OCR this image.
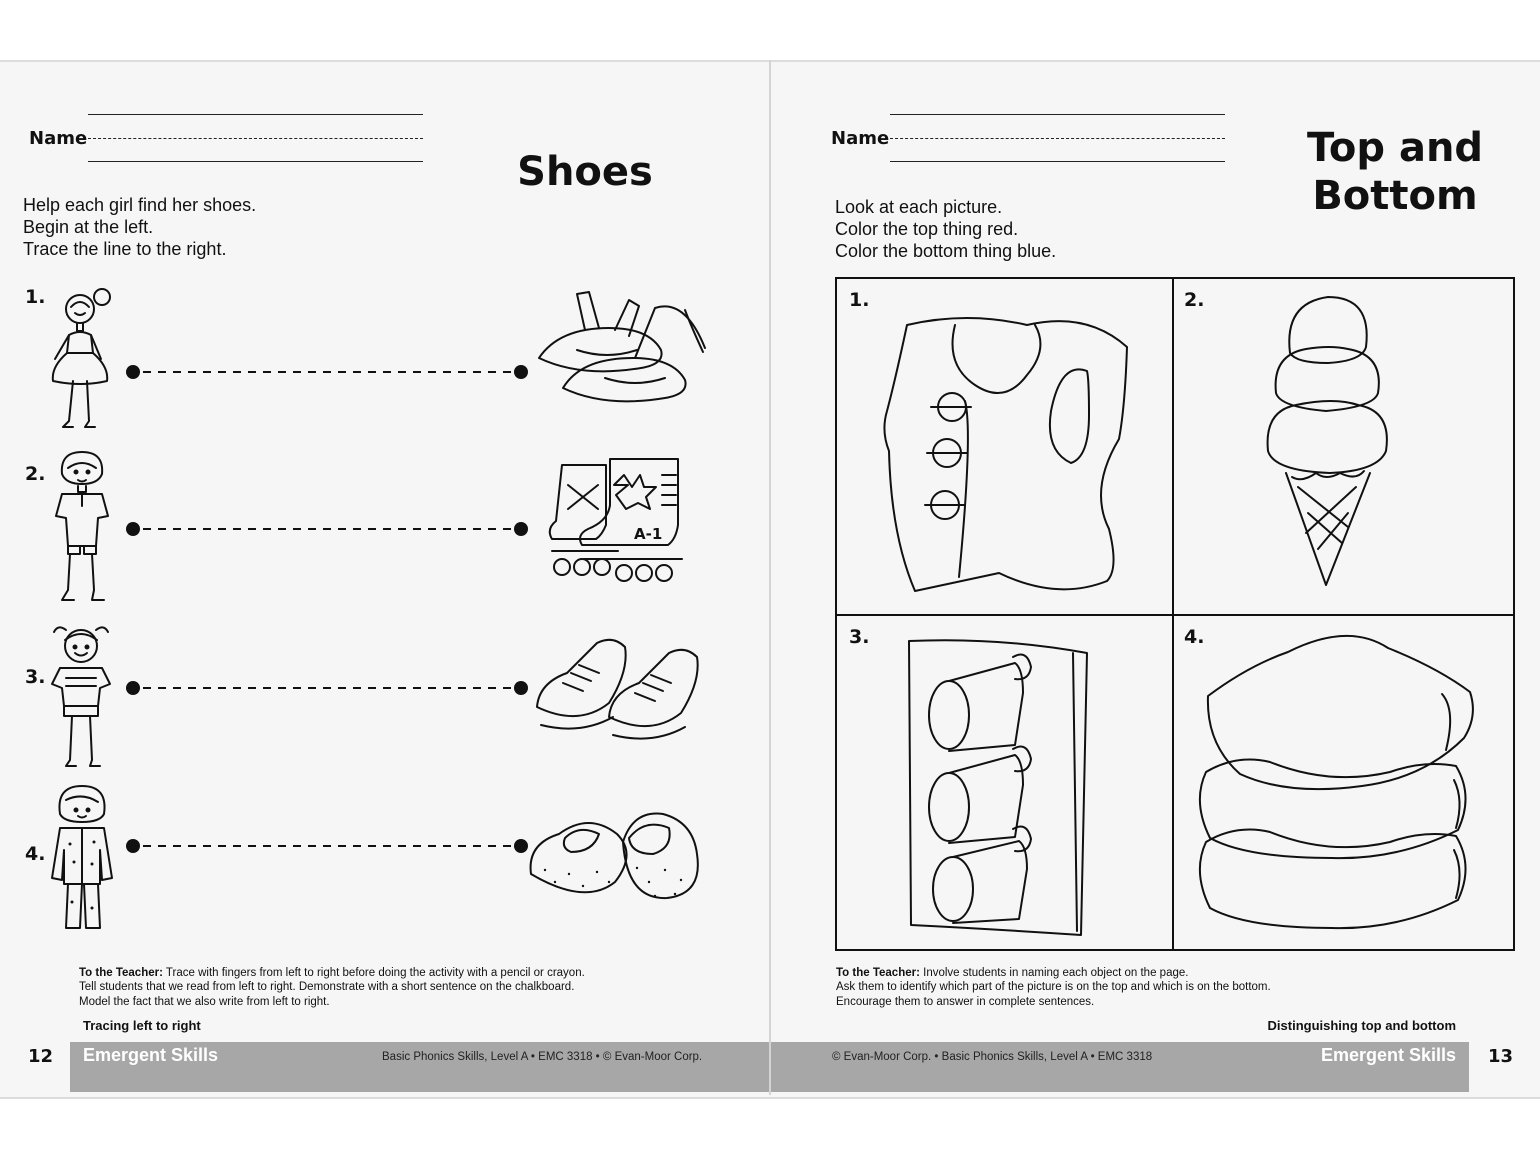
Name
Shoes
Help each girl find her shoes.
Begin at the left.
Trace the line to the right.
1.
2.
3.
4.
A-1
To the Teacher: Trace with fingers from left to right before doing the activity with a pencil or crayon.
Tell students that we read from left to right. Demonstrate with a short sentence on the chalkboard.
Model the fact that we also write from left to right.
Tracing left to right
12 Emergent Skills	Basic Phonics Skills, Level A • EMC 3318 • © Evan-Moor Corp.
Name	Top and
Bottom
Look at each picture.
Color the top thing red.
Color the bottom thing blue.
1.	2.
3.	4.
To the Teacher: Involve students in naming each object on the page.
Ask them to identify which part of the picture is on the top and which is on the bottom.
Encourage them to answer in complete sentences.
Distinguishing top and bottom
© Evan-Moor Corp. • Basic Phonics Skills, Level A • EMC 3318	Emergent Skills 13
